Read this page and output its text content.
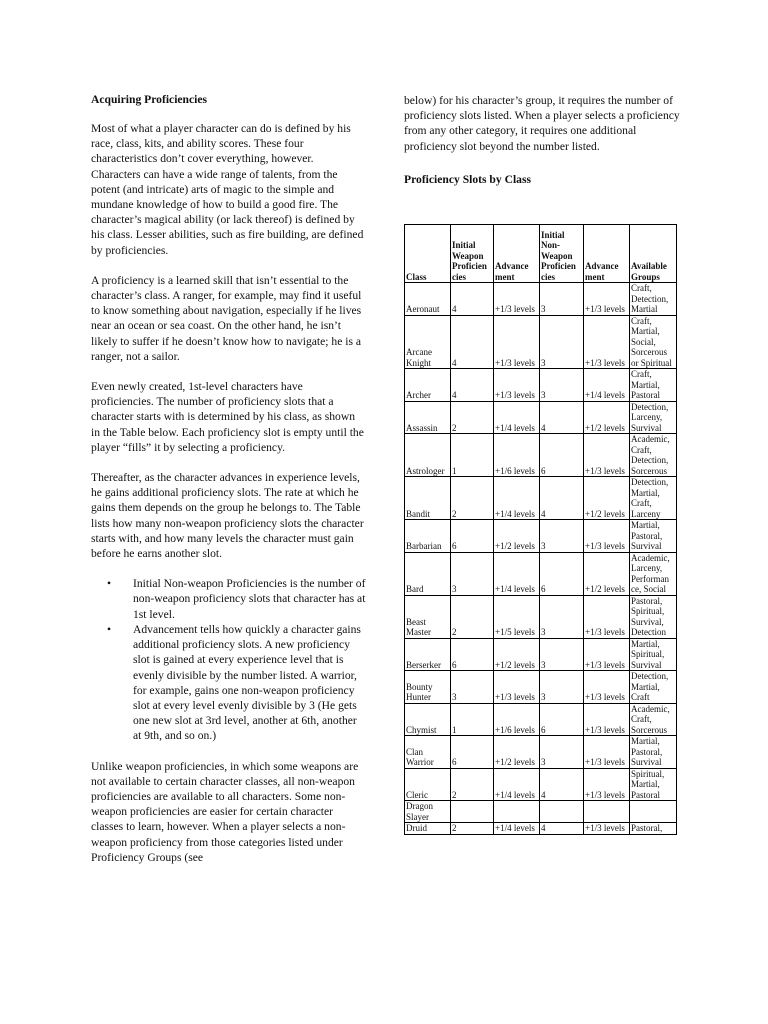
Acquiring Proficiencies

Most of what a player character can do is defined by his race, class, kits, and ability scores. These four characteristics don’t cover everything, however. Characters can have a wide range of talents, from the potent (and intricate) arts of magic to the simple and mundane knowledge of how to build a good fire. The character’s magical ability (or lack thereof) is defined by his class. Lesser abilities, such as fire building, are defined by proficiencies.

A proficiency is a learned skill that isn’t essential to the character’s class. A ranger, for example, may find it useful to know something about navigation, especially if he lives near an ocean or sea coast. On the other hand, he isn’t likely to suffer if he doesn’t know how to navigate; he is a ranger, not a sailor.

Even newly created, 1st-level characters have proficiencies. The number of proficiency slots that a character starts with is determined by his class, as shown in the Table below. Each proficiency slot is empty until the player “fills” it by selecting a proficiency.

Thereafter, as the character advances in experience levels, he gains additional proficiency slots. The rate at which he gains them depends on the group he belongs to. The Table lists how many non-weapon proficiency slots the character starts with, and how many levels the character must gain before he earns another slot.

• Initial Non-weapon Proficiencies is the number of non-weapon proficiency slots that character has at 1st level.
• Advancement tells how quickly a character gains additional proficiency slots. A new proficiency slot is gained at every experience level that is evenly divisible by the number listed. A warrior, for example, gains one non-weapon proficiency slot at every level evenly divisible by 3 (He gets one new slot at 3rd level, another at 6th, another at 9th, and so on.)

Unlike weapon proficiencies, in which some weapons are not available to certain character classes, all non-weapon proficiencies are available to all characters. Some non-weapon proficiencies are easier for certain character classes to learn, however. When a player selects a non-weapon proficiency from those categories listed under Proficiency Groups (see

below) for his character’s group, it requires the number of proficiency slots listed. When a player selects a proficiency from any other category, it requires one additional proficiency slot beyond the number listed.

Proficiency Slots by Class
Class	Initial Weapon Proficien cies	Advance ment	Initial Non-Weapon Proficien cies	Advance ment	Available Groups
Aeronaut	4	+1/3 levels	3	+1/3 levels	Craft, Detection, Martial
Arcane Knight	4	+1/3 levels	3	+1/3 levels	Craft, Martial, Social, Sorcerous or Spiritual
Archer	4	+1/3 levels	3	+1/4 levels	Craft, Martial, Pastoral
Assassin	2	+1/4 levels	4	+1/2 levels	Detection, Larceny, Survival
Astrologer	1	+1/6 levels	6	+1/3 levels	Academic, Craft, Detection, Sorcerous
Bandit	2	+1/4 levels	4	+1/2 levels	Detection, Martial, Craft, Larceny
Barbarian	6	+1/2 levels	3	+1/3 levels	Martial, Pastoral, Survival
Bard	3	+1/4 levels	6	+1/2 levels	Academic, Larceny, Performan ce, Social
Beast Master	2	+1/5 levels	3	+1/3 levels	Pastoral, Spiritual, Survival, Detection
Berserker	6	+1/2 levels	3	+1/3 levels	Martial, Spiritual, Survival
Bounty Hunter	3	+1/3 levels	3	+1/3 levels	Detection, Martial, Craft
Chymist	1	+1/6 levels	6	+1/3 levels	Academic, Craft, Sorcerous
Clan Warrior	6	+1/2 levels	3	+1/3 levels	Martial, Pastoral, Survival
Cleric	2	+1/4 levels	4	+1/3 levels	Spiritual, Martial, Pastoral
Dragon Slayer					
Druid	2	+1/4 levels	4	+1/3 levels	Pastoral,
